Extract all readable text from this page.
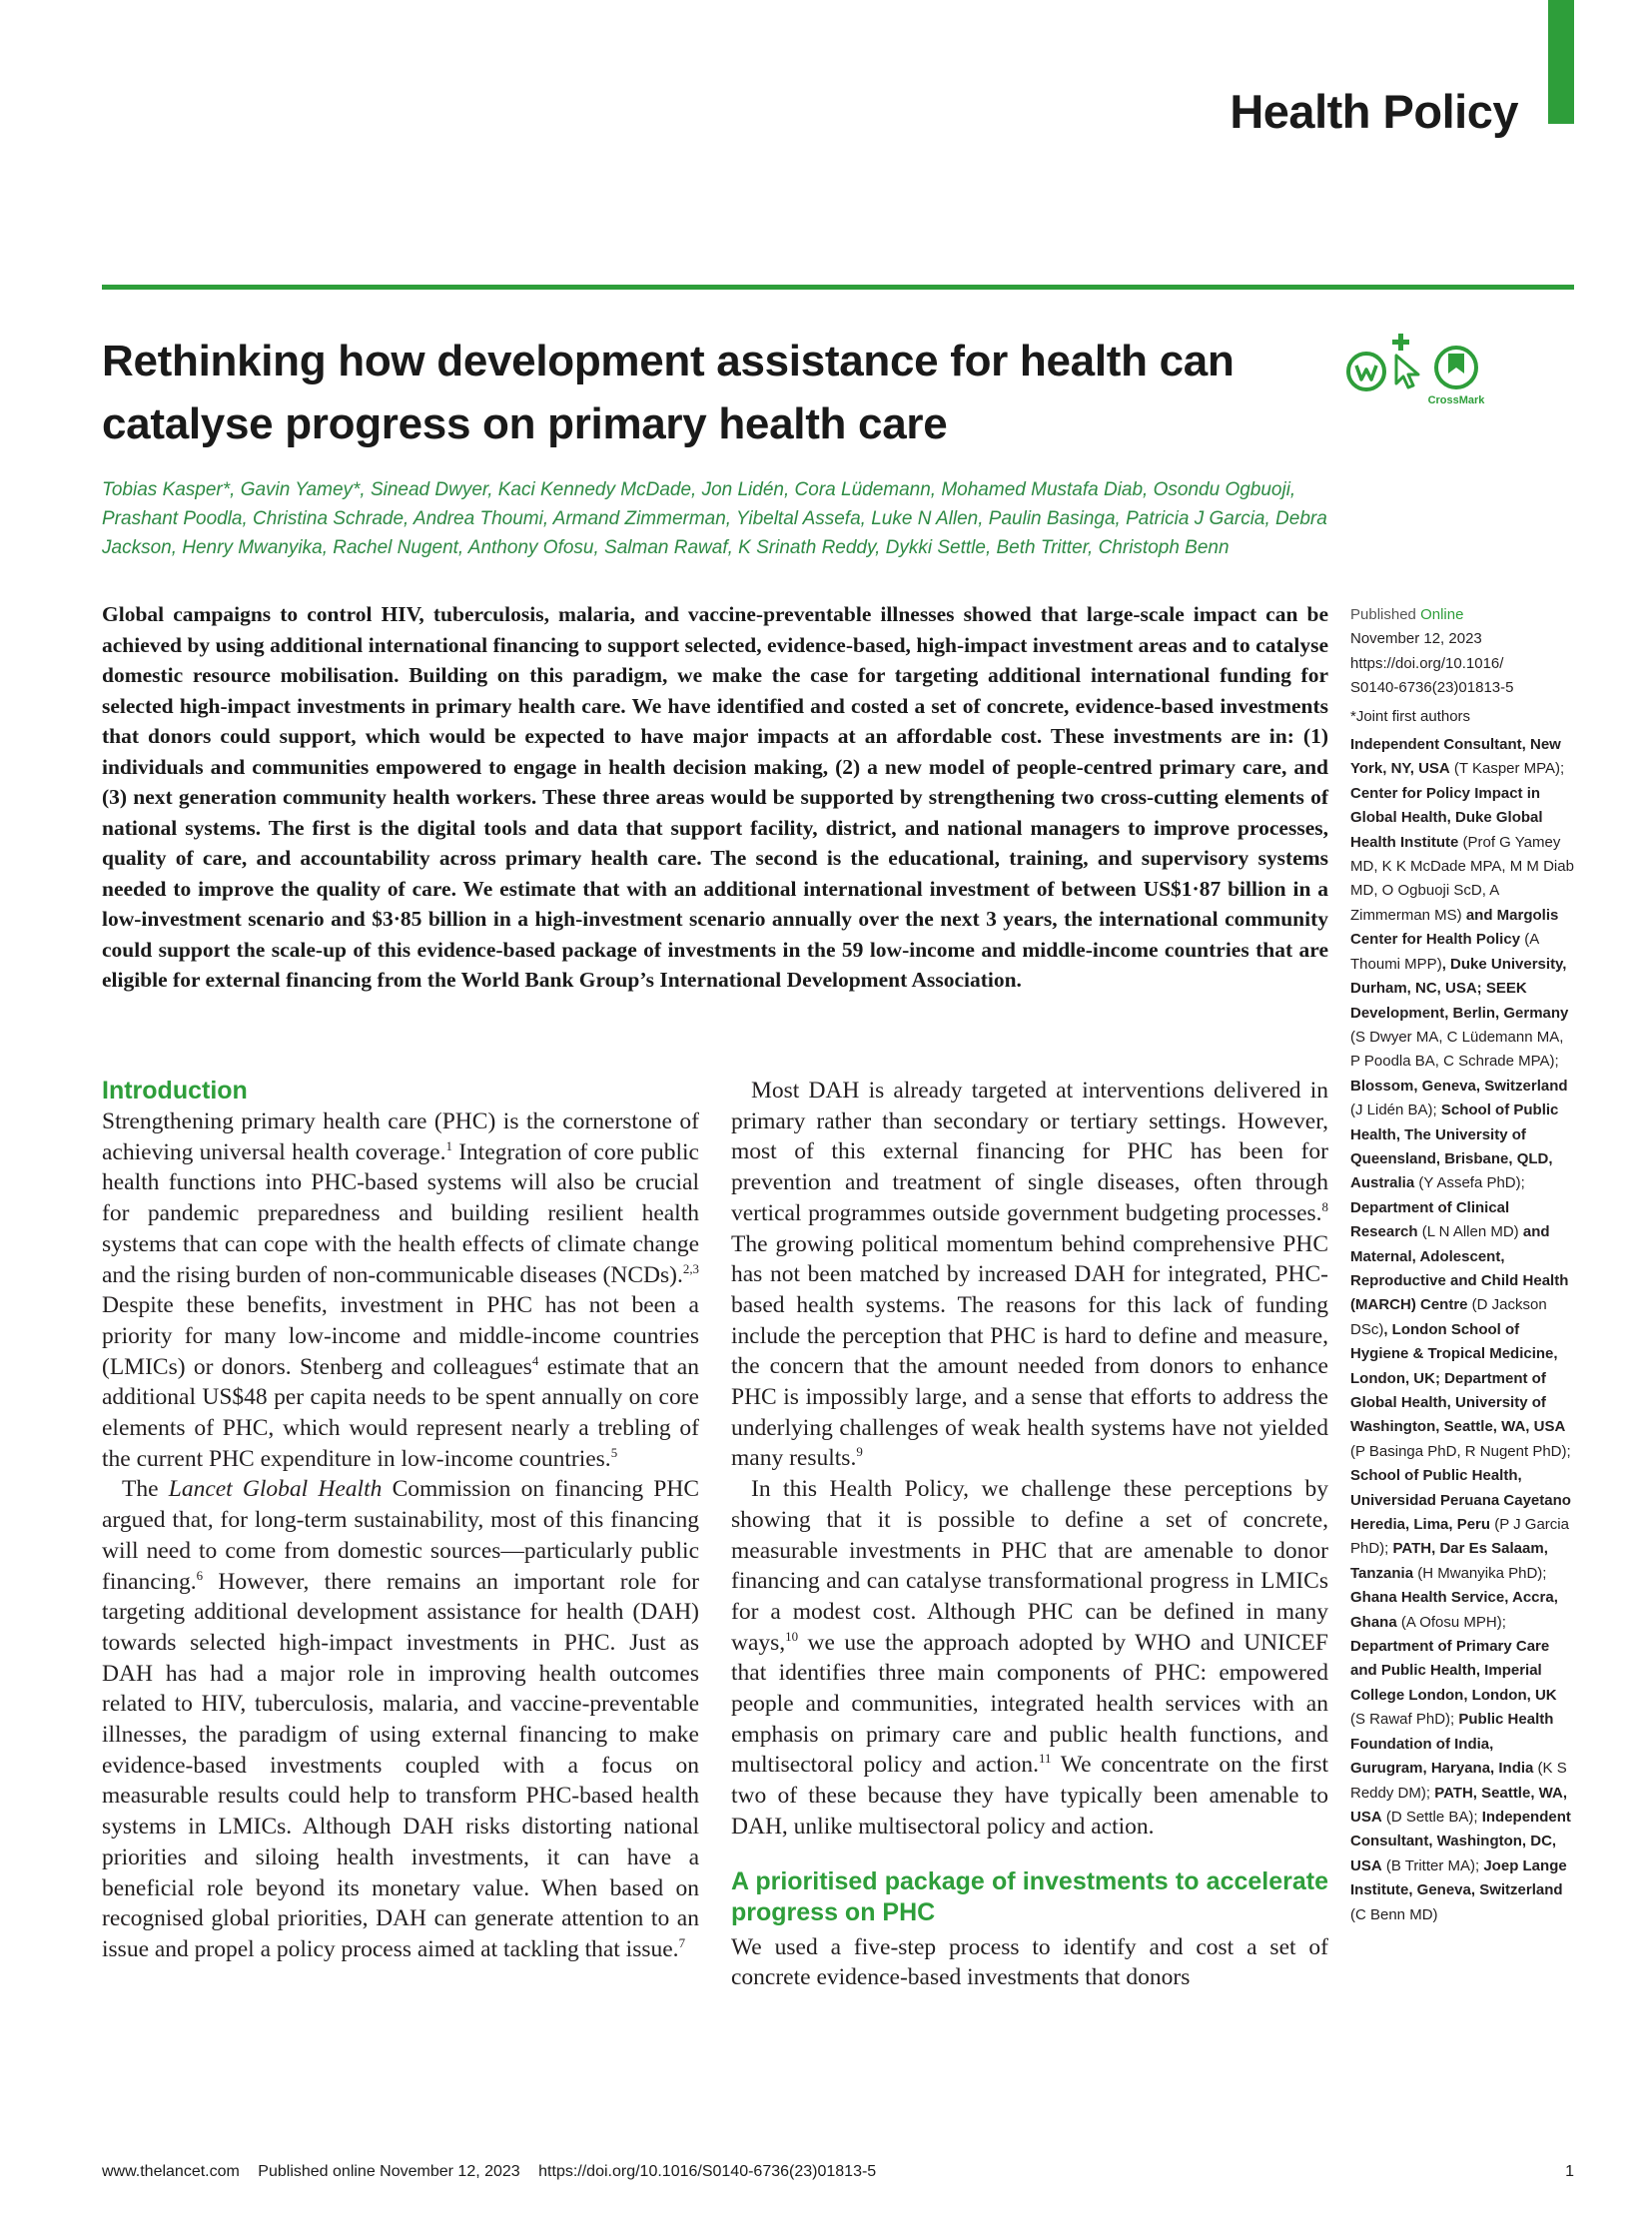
Health Policy
Rethinking how development assistance for health can catalyse progress on primary health care	CrossMark
Tobias Kasper*, Gavin Yamey*, Sinead Dwyer, Kaci Kennedy McDade, Jon Lidén, Cora Lüdemann, Mohamed Mustafa Diab, Osondu Ogbuoji, Prashant Poodla, Christina Schrade, Andrea Thoumi, Armand Zimmerman, Yibeltal Assefa, Luke N Allen, Paulin Basinga, Patricia J Garcia, Debra Jackson, Henry Mwanyika, Rachel Nugent, Anthony Ofosu, Salman Rawaf, K Srinath Reddy, Dykki Settle, Beth Tritter, Christoph Benn
Global campaigns to control HIV, tuberculosis, malaria, and vaccine-preventable illnesses showed that large-scale impact can be achieved by using additional international financing to support selected, evidence-based, high-impact investment areas and to catalyse domestic resource mobilisation. Building on this paradigm, we make the case for targeting additional international funding for selected high-impact investments in primary health care. We have identified and costed a set of concrete, evidence-based investments that donors could support, which would be expected to have major impacts at an affordable cost. These investments are in: (1) individuals and communities empowered to engage in health decision making, (2) a new model of people-centred primary care, and (3) next generation community health workers. These three areas would be supported by strengthening two cross-cutting elements of national systems. The first is the digital tools and data that support facility, district, and national managers to improve processes, quality of care, and accountability across primary health care. The second is the educational, training, and supervisory systems needed to improve the quality of care. We estimate that with an additional international investment of between US$1·87 billion in a low-investment scenario and $3·85 billion in a high-investment scenario annually over the next 3 years, the international community could support the scale-up of this evidence-based package of investments in the 59 low-income and middle-income countries that are eligible for external financing from the World Bank Group’s International Development Association.
Introduction

Strengthening primary health care (PHC) is the cornerstone of achieving universal health coverage.$^1$ Integration of core public health functions into PHC-based systems will also be crucial for pandemic preparedness and building resilient health systems that can cope with the health effects of climate change and the rising burden of non-communicable diseases (NCDs).$^{2,3}$ Despite these benefits, investment in PHC has not been a priority for many low-income and middle-income countries (LMICs) or donors. Stenberg and colleagues$^4$ estimate that an additional US$48 per capita needs to be spent annually on core elements of PHC, which would represent nearly a trebling of the current PHC expenditure in low-income countries.$^5$

The Lancet Global Health Commission on financing PHC argued that, for long-term sustainability, most of this financing will need to come from domestic sources—particularly public financing.$^6$ However, there remains an important role for targeting additional development assistance for health (DAH) towards selected high-impact investments in PHC. Just as DAH has had a major role in improving health outcomes related to HIV, tuberculosis, malaria, and vaccine-preventable illnesses, the paradigm of using external financing to make evidence-based investments coupled with a focus on measurable results could help to transform PHC-based health systems in LMICs. Although DAH risks distorting national priorities and siloing health investments, it can have a beneficial role beyond its monetary value. When based on recognised global priorities, DAH can generate attention to an issue and propel a policy process aimed at tackling that issue.$^7$

Most DAH is already targeted at interventions delivered in primary rather than secondary or tertiary settings. However, most of this external financing for PHC has been for prevention and treatment of single diseases, often through vertical programmes outside government budgeting processes.$^8$ The growing political momentum behind comprehensive PHC has not been matched by increased DAH for integrated, PHC-based health systems. The reasons for this lack of funding include the perception that PHC is hard to define and measure, the concern that the amount needed from donors to enhance PHC is impossibly large, and a sense that efforts to address the underlying challenges of weak health systems have not yielded many results.$^9$

In this Health Policy, we challenge these perceptions by showing that it is possible to define a set of concrete, measurable investments in PHC that are amenable to donor financing and can catalyse transformational progress in LMICs for a modest cost. Although PHC can be defined in many ways,$^{10}$ we use the approach adopted by WHO and UNICEF that identifies three main components of PHC: empowered people and communities, integrated health services with an emphasis on primary care and public health functions, and multisectoral policy and action.$^{11}$ We concentrate on the first two of these because they have typically been amenable to DAH, unlike multisectoral policy and action.

A prioritised package of investments to accelerate progress on PHC

We used a five-step process to identify and cost a set of concrete evidence-based investments that donors

Published Online

November 12, 2023

https://doi.org/10.1016/

S0140-6736(23)01813-5

*Joint first authors

Independent Consultant, New York, NY, USA (T Kasper MPA); Center for Policy Impact in Global Health, Duke Global Health Institute (Prof G Yamey MD, K K McDade MPA, M M Diab MD, O Ogbuoji ScD, A Zimmerman MS) and Margolis Center for Health Policy (A Thoumi MPP), Duke University, Durham, NC, USA; SEEK Development, Berlin, Germany (S Dwyer MA, C Lüdemann MA, P Poodla BA, C Schrade MPA); Blossom, Geneva, Switzerland (J Lidén BA); School of Public Health, The University of Queensland, Brisbane, QLD, Australia (Y Assefa PhD); Department of Clinical Research (L N Allen MD) and Maternal, Adolescent, Reproductive and Child Health (MARCH) Centre (D Jackson DSc), London School of Hygiene & Tropical Medicine, London, UK; Department of Global Health, University of Washington, Seattle, WA, USA (P Basinga PhD, R Nugent PhD); School of Public Health, Universidad Peruana Cayetano Heredia, Lima, Peru (P J Garcia PhD); PATH, Dar Es Salaam, Tanzania (H Mwanyika PhD); Ghana Health Service, Accra, Ghana (A Ofosu MPH); Department of Primary Care and Public Health, Imperial College London, London, UK (S Rawaf PhD); Public Health Foundation of India, Gurugram, Haryana, India (K S Reddy DM); PATH, Seattle, WA, USA (D Settle BA); Independent Consultant, Washington, DC, USA (B Tritter MA); Joep Lange Institute, Geneva, Switzerland (C Benn MD)

www.thelancet.com Published online November 12, 2023 https://doi.org/10.1016/S0140-6736(23)01813-5	1
